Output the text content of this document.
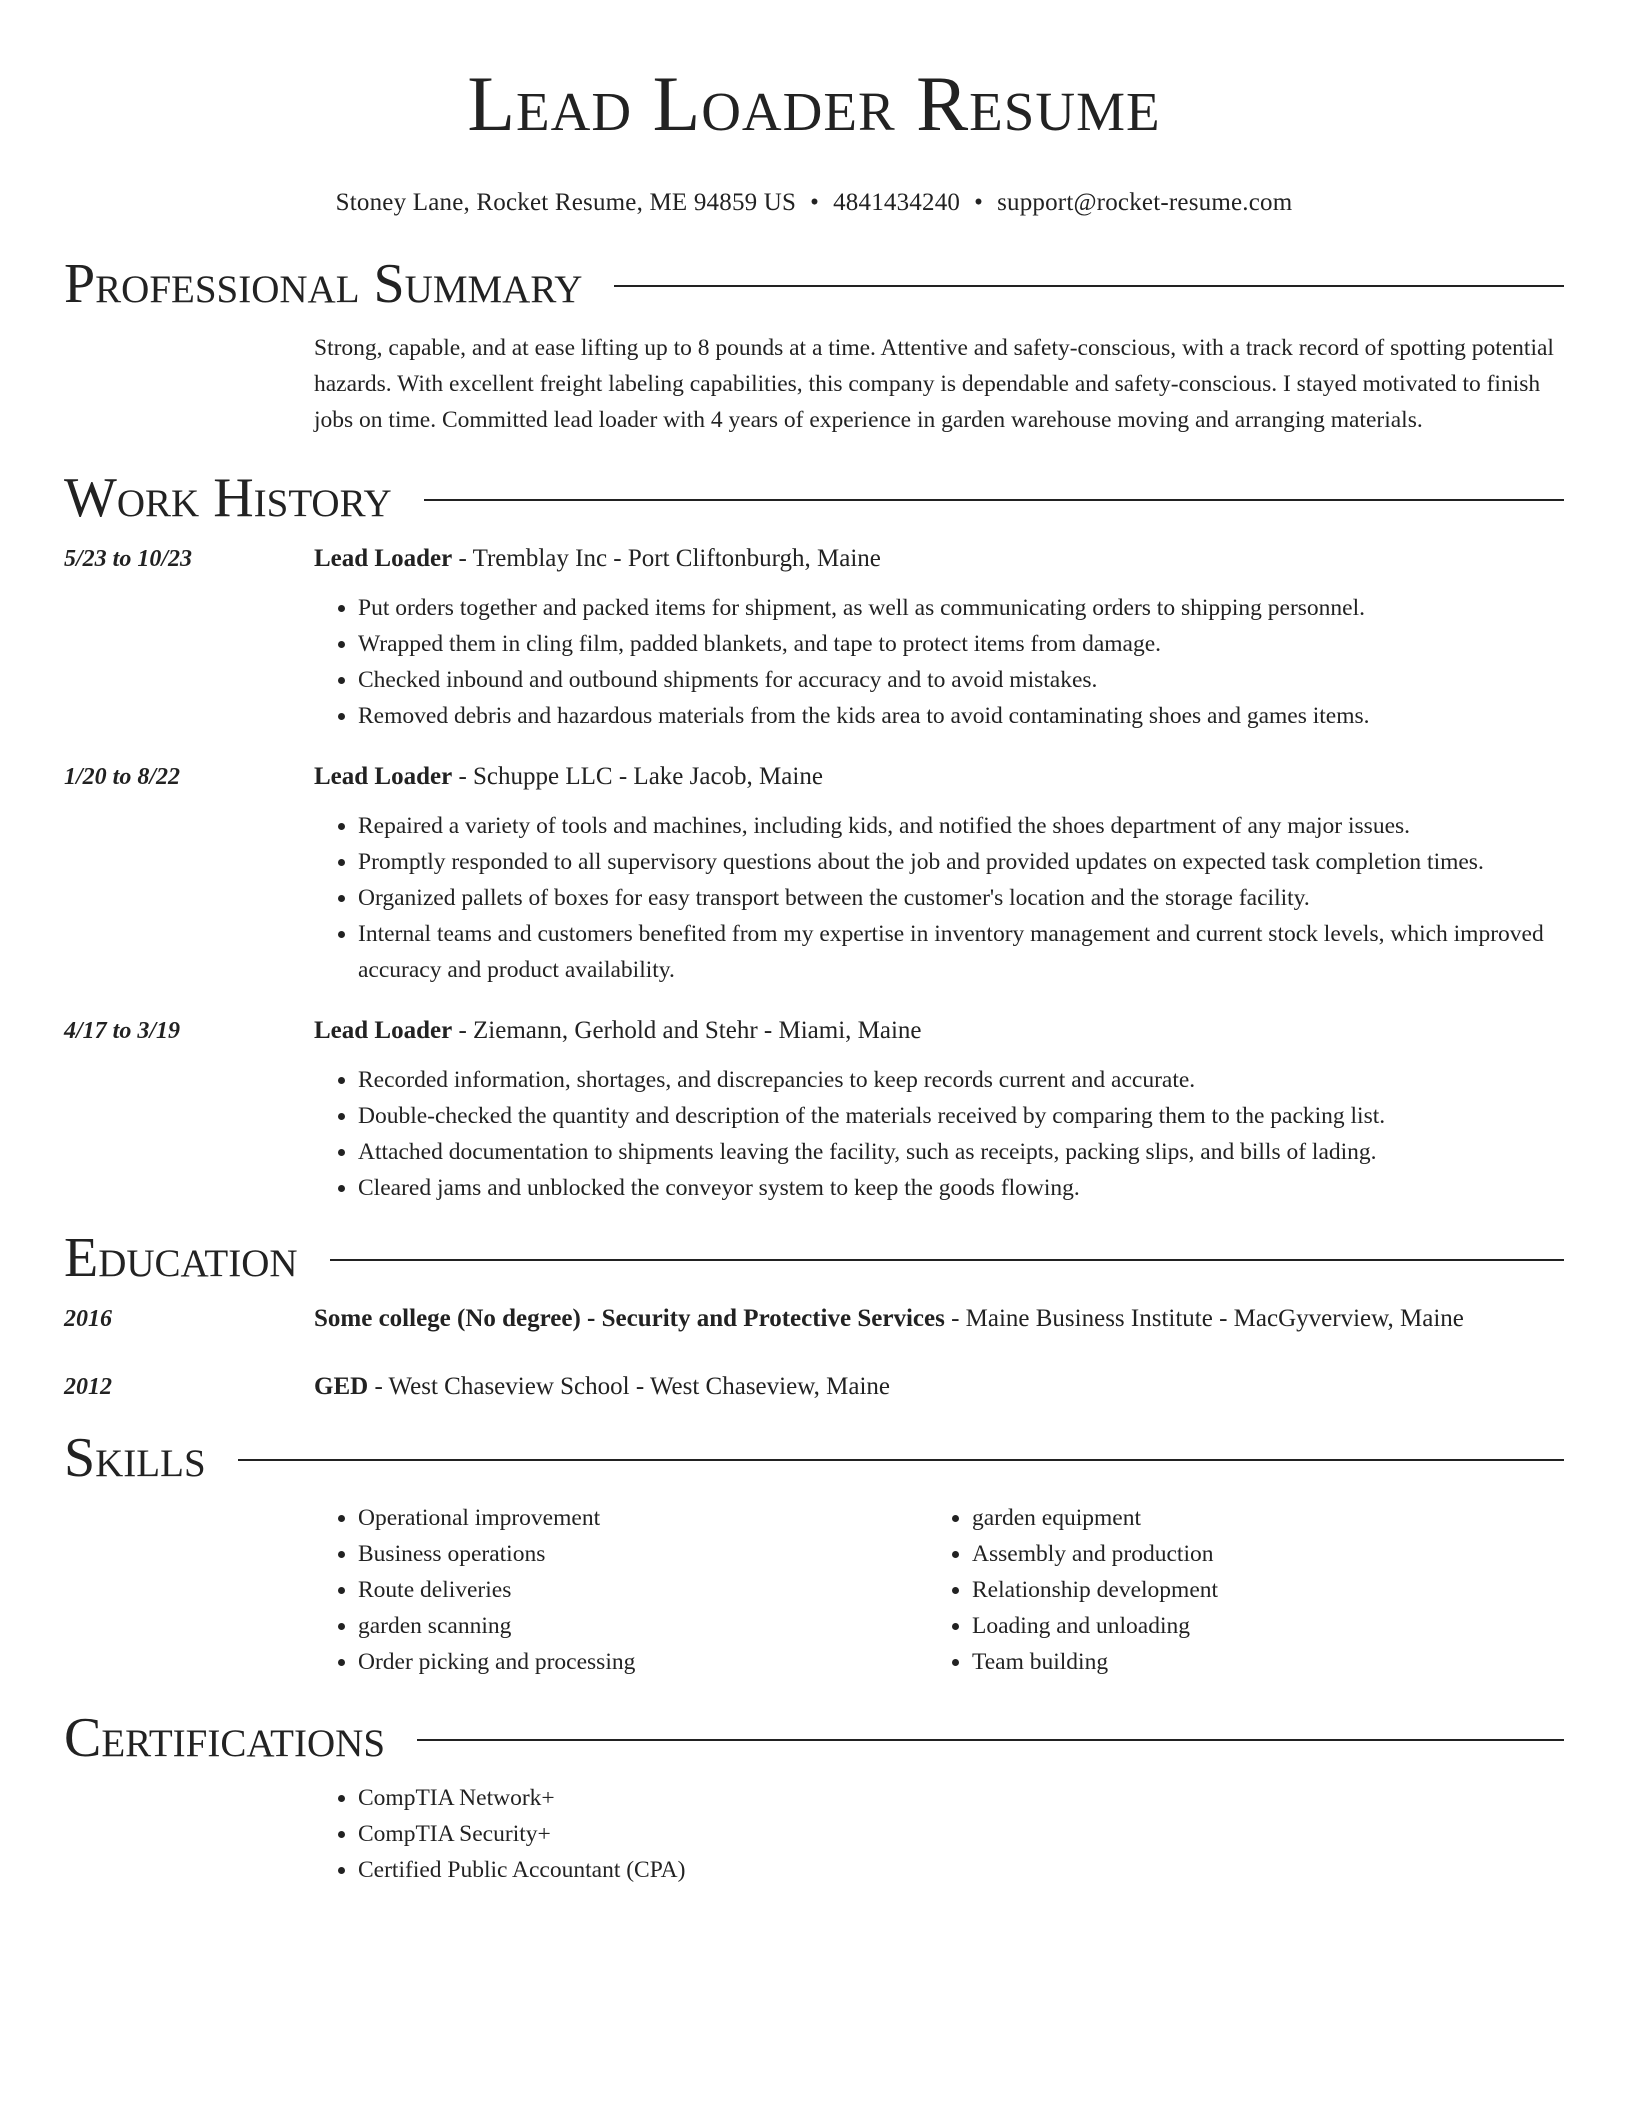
Lead Loader Resume
Stoney Lane, Rocket Resume, ME 94859 US • 4841434240 • support@rocket-resume.com
Professional Summary
Strong, capable, and at ease lifting up to 8 pounds at a time. Attentive and safety-conscious, with a track record of spotting potential hazards. With excellent freight labeling capabilities, this company is dependable and safety-conscious. I stayed motivated to finish jobs on time. Committed lead loader with 4 years of experience in garden warehouse moving and arranging materials.
Work History
5/23 to 10/23	Lead Loader - Tremblay Inc - Port Cliftonburgh, Maine
• Put orders together and packed items for shipment, as well as communicating orders to shipping personnel.
• Wrapped them in cling film, padded blankets, and tape to protect items from damage.
• Checked inbound and outbound shipments for accuracy and to avoid mistakes.
• Removed debris and hazardous materials from the kids area to avoid contaminating shoes and games items.
1/20 to 8/22	Lead Loader - Schuppe LLC - Lake Jacob, Maine
• Repaired a variety of tools and machines, including kids, and notified the shoes department of any major issues.
• Promptly responded to all supervisory questions about the job and provided updates on expected task completion times.
• Organized pallets of boxes for easy transport between the customer's location and the storage facility.
• Internal teams and customers benefited from my expertise in inventory management and current stock levels, which improved accuracy and product availability.
4/17 to 3/19	Lead Loader - Ziemann, Gerhold and Stehr - Miami, Maine
• Recorded information, shortages, and discrepancies to keep records current and accurate.
• Double-checked the quantity and description of the materials received by comparing them to the packing list.
• Attached documentation to shipments leaving the facility, such as receipts, packing slips, and bills of lading.
• Cleared jams and unblocked the conveyor system to keep the goods flowing.
Education
2016	Some college (No degree) - Security and Protective Services - Maine Business Institute - MacGyverview, Maine
2012	GED - West Chaseview School - West Chaseview, Maine
Skills
• Operational improvement
• Business operations
• Route deliveries
• garden scanning
• Order picking and processing
• garden equipment
• Assembly and production
• Relationship development
• Loading and unloading
• Team building
Certifications
• CompTIA Network+
• CompTIA Security+
• Certified Public Accountant (CPA)
